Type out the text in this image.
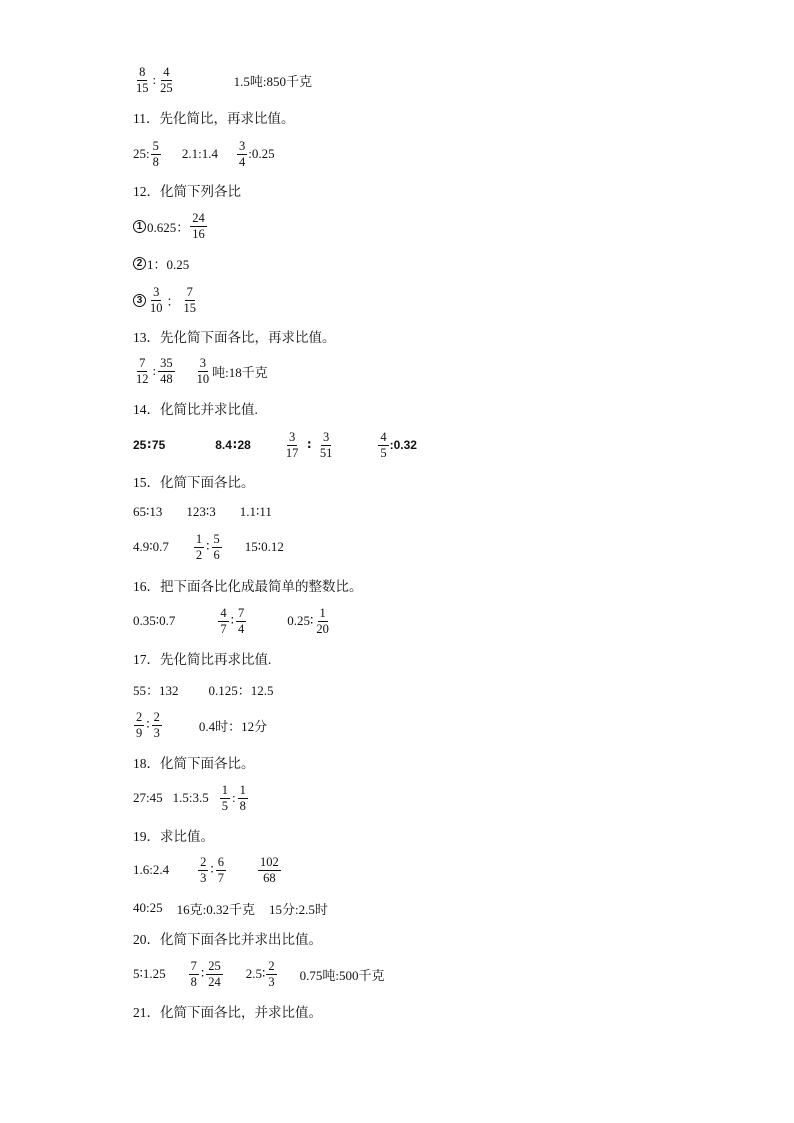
$\frac{8}{15}$ : $\frac{4}{25}$	1.5吨:850千克
11．先化简比，再求比值。
25: $\frac{5}{8}$ 2.1:1.4 $\frac{3}{4}$ :0.25
12．化简下列各比
1 0.625： $\frac{24}{16}$
2 1：0.25
$3 \frac{3}{10}$ ： $\frac{7}{15}$
13．先化简下面各比，再求比值。
$\frac{7}{12}$ : $\frac{35}{48} \frac{3}{10}$ 吨:18千克
14．化简比并求比值.
25 ∶ 75	8.4 ∶ 28	$\frac{3}{17}$ ∶ $\frac{3}{51}$	$\frac{4}{5}$ :0.32
15．化简下面各比。
65∶13 123∶3 1.1∶11
4.9∶0.7 $\frac{1}{2}$ ∶ $\frac{5}{6}$ 15∶0.12
16．把下面各比化成最简单的整数比。
0.35∶0.7	$\frac{4}{7}$ ∶ $\frac{7}{4}$	0.25∶ $\frac{1}{20}$
17．先化简比再求比值.
55：132 0.125：12.5
$\frac{2}{9}$ ∶ $\frac{2}{3}$	0.4时：12分
18．化简下面各比。
27:45 1.5:3.5 $\frac{1}{5}$ : $\frac{1}{8}$
19．求比值。
1.6:2.4 $\frac{2}{3}$ ∶ $\frac{6}{7}$	$\frac{102}{68}$
40:25 16克:0.32千克 15分:2.5时
20．化简下面各比并求出比值。
5∶1.25 $\frac{7}{8}$ ∶ $\frac{25}{24}$ 2.5∶ $\frac{2}{3} 0.75$吨:500千克
21．化简下面各比，并求比值。
